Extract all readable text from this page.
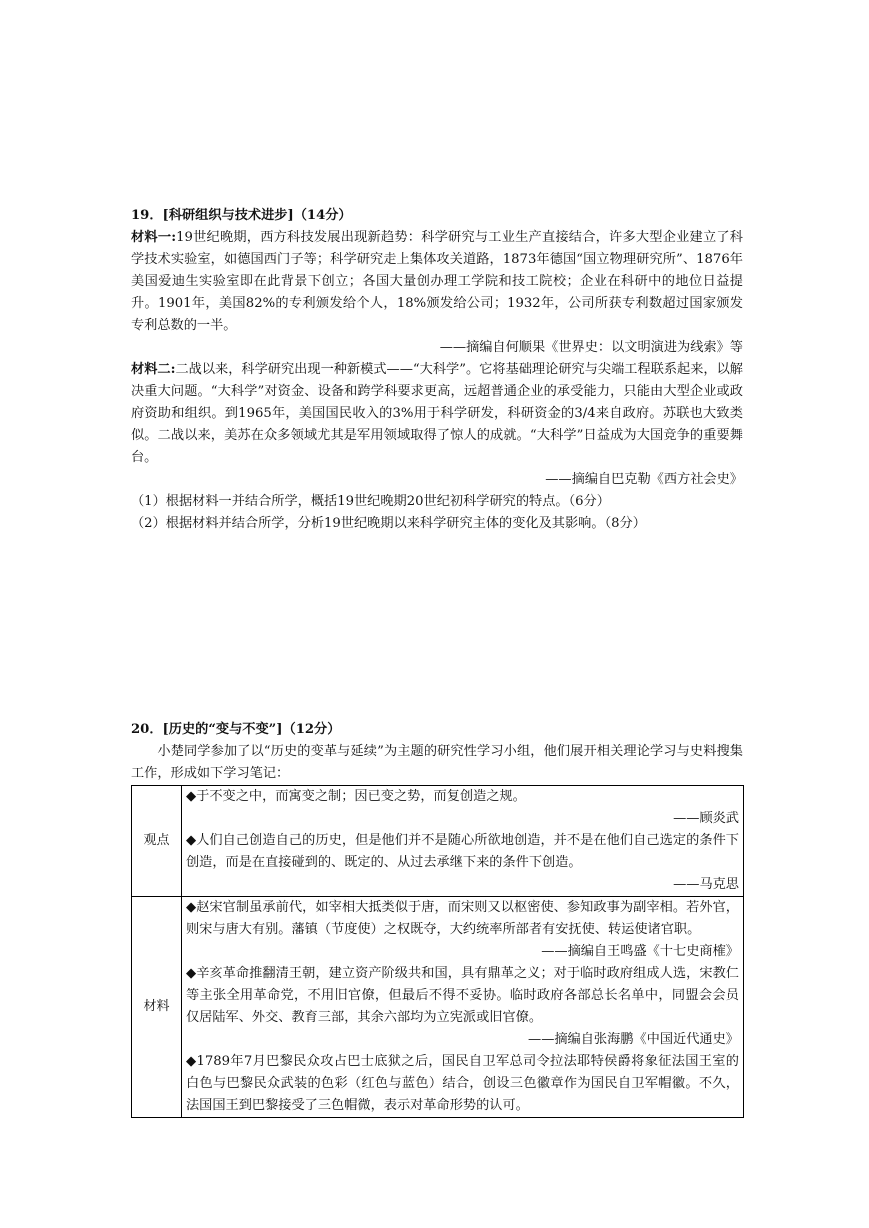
19．[科研组织与技术进步]（14分）
材料一:19世纪晚期，西方科技发展出现新趋势：科学研究与工业生产直接结合，许多大型企业建立了科学技术实验室，如德国西门子等；科学研究走上集体攻关道路，1873年德国“国立物理研究所”、1876年美国爱迪生实验室即在此背景下创立；各国大量创办理工学院和技工院校；企业在科研中的地位日益提升。1901年，美国82%的专利颁发给个人，18%颁发给公司；1932年，公司所获专利数超过国家颁发专利总数的一半。
——摘编自何顺果《世界史：以文明演进为线索》等
材料二:二战以来，科学研究出现一种新模式——“大科学”。它将基础理论研究与尖端工程联系起来，以解决重大问题。“大科学”对资金、设备和跨学科要求更高，远超普通企业的承受能力，只能由大型企业或政府资助和组织。到1965年，美国国民收入的3%用于科学研发，科研资金的3/4来自政府。苏联也大致类似。二战以来，美苏在众多领域尤其是军用领域取得了惊人的成就。“大科学”日益成为大国竞争的重要舞台。
——摘编自巴克勒《西方社会史》
（1）根据材料一并结合所学，概括19世纪晚期20世纪初科学研究的特点。（6分）
（2）根据材料并结合所学，分析19世纪晚期以来科学研究主体的变化及其影响。（8分）
20．[历史的“变与不变”]（12分）
小楚同学参加了以“历史的变革与延续”为主题的研究性学习小组，他们展开相关理论学习与史料搜集工作，形成如下学习笔记：
观点	◆于不变之中，而寓变之制；因已变之势，而复创造之规。
——顾炎武
◆人们自己创造自己的历史，但是他们并不是随心所欲地创造，并不是在他们自己选定的条件下创造，而是在直接碰到的、既定的、从过去承继下来的条件下创造。
——马克思

材料	◆赵宋官制虽承前代，如宰相大抵类似于唐，而宋则又以枢密使、参知政事为副宰相。若外官，则宋与唐大有别。藩镇（节度使）之权既夺，大约统率所部者有安抚使、转运使诸官职。
——摘编自王鸣盛《十七史商榷》
◆辛亥革命推翻清王朝，建立资产阶级共和国，具有鼎革之义；对于临时政府组成人选，宋教仁等主张全用革命党，不用旧官僚，但最后不得不妥协。临时政府各部总长名单中，同盟会会员仅居陆军、外交、教育三部，其余六部均为立宪派或旧官僚。
——摘编自张海鹏《中国近代通史》
◆1789年7月巴黎民众攻占巴士底狱之后，国民自卫军总司令拉法耶特侯爵将象征法国王室的白色与巴黎民众武装的色彩（红色与蓝色）结合，创设三色徽章作为国民自卫军帽徽。不久，法国国王到巴黎接受了三色帽微，表示对革命形势的认可。
